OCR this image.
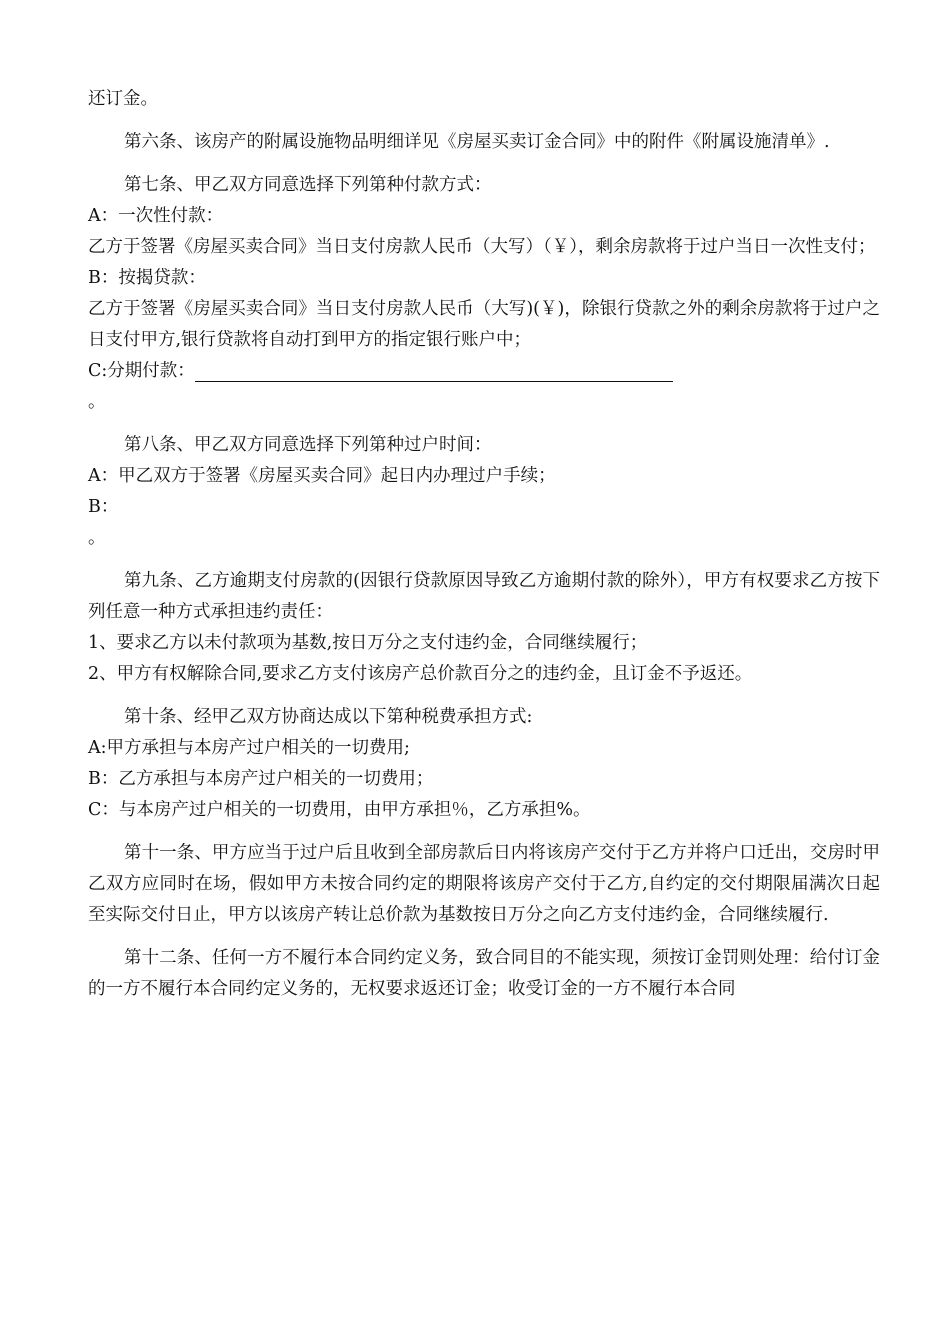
还订金。

第六条、该房产的附属设施物品明细详见《房屋买卖订金合同》中的附件《附属设施清单》.

第七条、甲乙双方同意选择下列第种付款方式：

A：一次性付款：

乙方于签署《房屋买卖合同》当日支付房款人民币（大写）（￥），剩余房款将于过户当日一次性支付；

B：按揭贷款：

乙方于签署《房屋买卖合同》当日支付房款人民币（大写)(￥)，除银行贷款之外的剩余房款将于过户之日支付甲方,银行贷款将自动打到甲方的指定银行账户中；

C:分期付款：

。

第八条、甲乙双方同意选择下列第种过户时间：

A：甲乙双方于签署《房屋买卖合同》起日内办理过户手续；

B：

。

第九条、乙方逾期支付房款的(因银行贷款原因导致乙方逾期付款的除外），甲方有权要求乙方按下列任意一种方式承担违约责任：

1、要求乙方以未付款项为基数,按日万分之支付违约金，合同继续履行；

2、甲方有权解除合同,要求乙方支付该房产总价款百分之的违约金，且订金不予返还。

第十条、经甲乙双方协商达成以下第种税费承担方式:

A:甲方承担与本房产过户相关的一切费用;

B：乙方承担与本房产过户相关的一切费用；

C：与本房产过户相关的一切费用，由甲方承担％，乙方承担%。

第十一条、甲方应当于过户后且收到全部房款后日内将该房产交付于乙方并将户口迁出，交房时甲乙双方应同时在场，假如甲方未按合同约定的期限将该房产交付于乙方,自约定的交付期限届满次日起至实际交付日止，甲方以该房产转让总价款为基数按日万分之向乙方支付违约金，合同继续履行.

第十二条、任何一方不履行本合同约定义务，致合同目的不能实现，须按订金罚则处理：给付订金的一方不履行本合同约定义务的，无权要求返还订金；收受订金的一方不履行本合同
